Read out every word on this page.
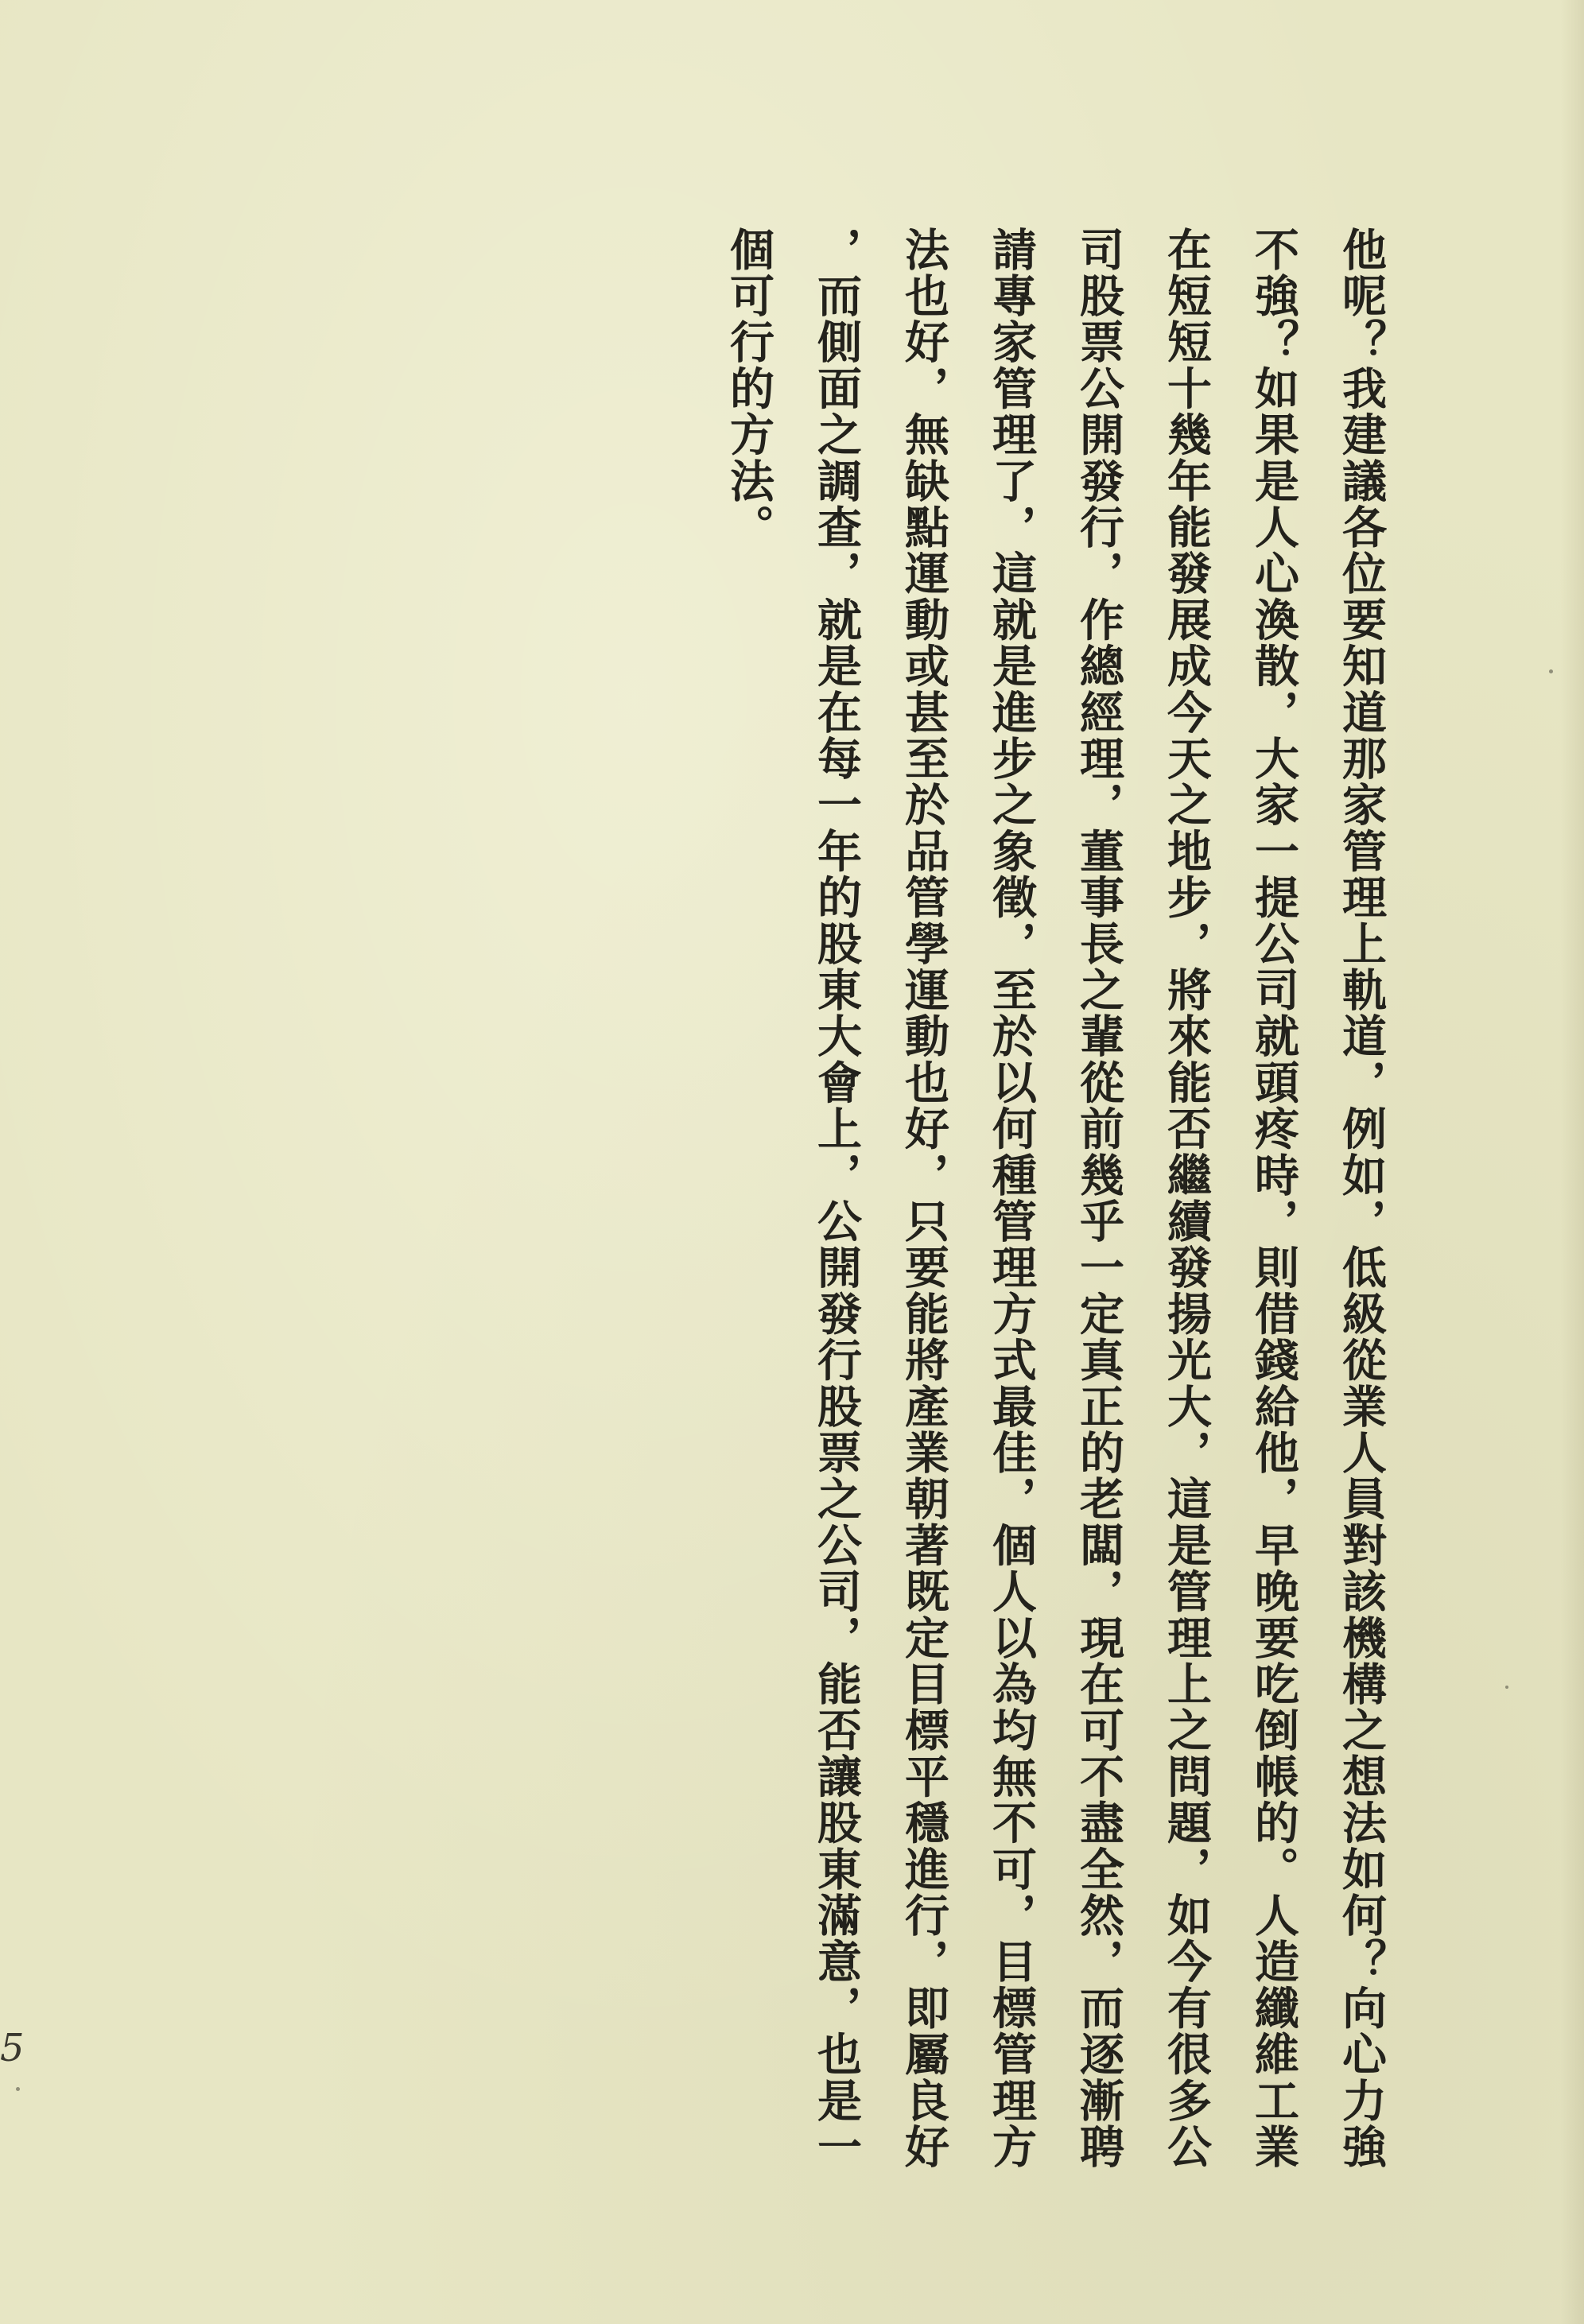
他呢？我建議各位要知道那家管理上軌道，例如，低級從業人員對該機構之想法如何？向心力強
不強？如果是人心渙散，大家一提公司就頭疼時，則借錢給他，早晚要吃倒帳的。人造纖維工業
在短短十幾年能發展成今天之地步，將來能否繼續發揚光大，這是管理上之問題，如今有很多公
司股票公開發行，作總經理，董事長之輩從前幾乎一定真正的老闆，現在可不盡全然，而逐漸聘
請專家管理了，這就是進步之象徵，至於以何種管理方式最佳，個人以為均無不可，目標管理方
法也好，無缺點運動或甚至於品管學運動也好，只要能將產業朝著既定目標平穩進行，即屬良好
，而側面之調查，就是在每一年的股東大會上，公開發行股票之公司，能否讓股東滿意，也是一
個可行的方法。
5
